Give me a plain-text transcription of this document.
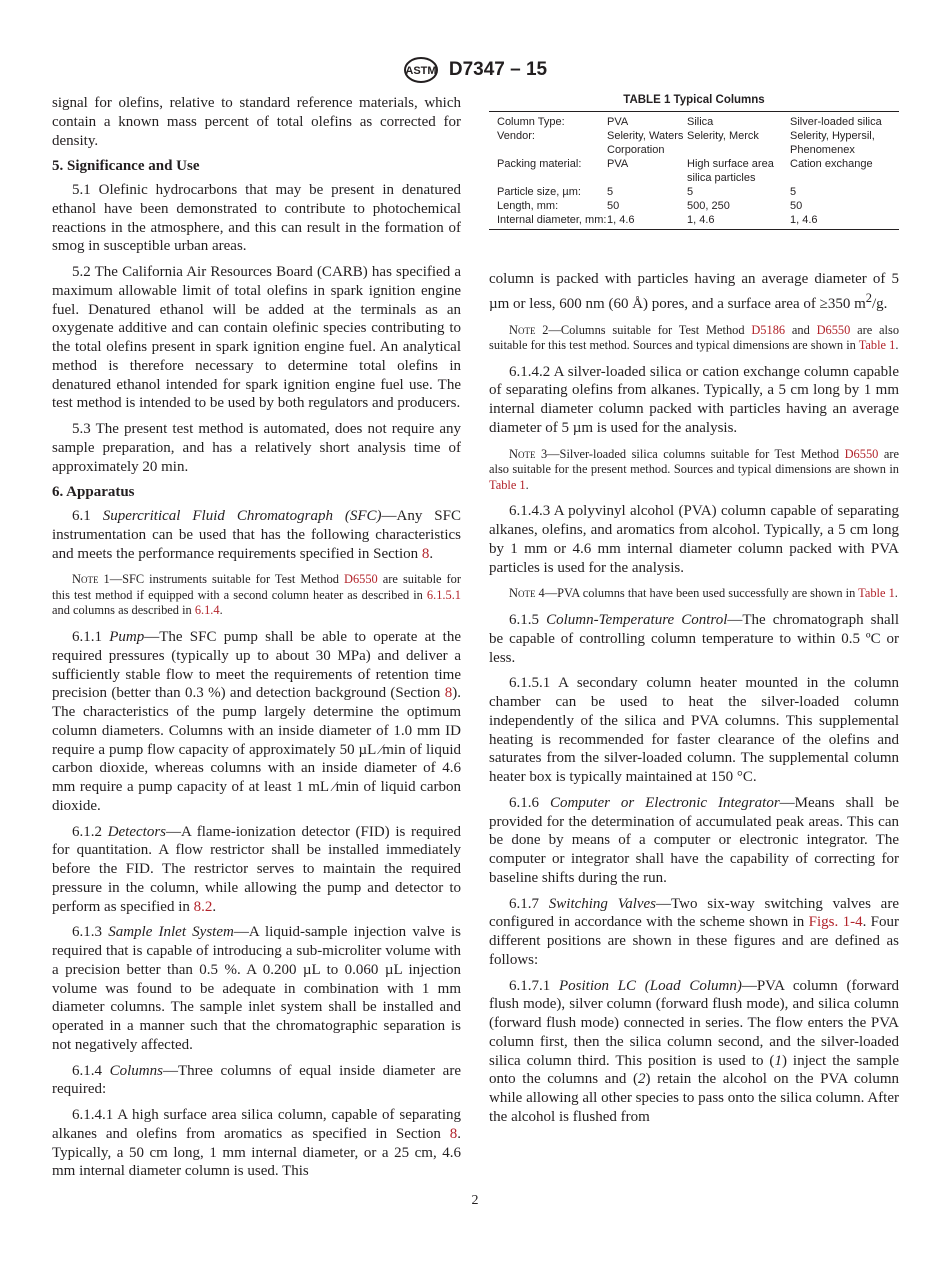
ASTM D7347 – 15

signal for olefins, relative to standard reference materials, which contain a known mass percent of total olefins as corrected for density.

5. Significance and Use

5.1 Olefinic hydrocarbons that may be present in denatured ethanol have been demonstrated to contribute to photochemical reactions in the atmosphere, and this can result in the formation of smog in susceptible urban areas.

5.2 The California Air Resources Board (CARB) has specified a maximum allowable limit of total olefins in spark ignition engine fuel. Denatured ethanol will be added at the terminals as an oxygenate additive and can contain olefinic species contributing to the total olefins present in spark ignition engine fuel. An analytical method is therefore necessary to determine total olefins in denatured ethanol intended for spark ignition engine fuel use. The test method is intended to be used by both regulators and producers.

5.3 The present test method is automated, does not require any sample preparation, and has a relatively short analysis time of approximately 20 min.

6. Apparatus

6.1 Supercritical Fluid Chromatograph (SFC)—Any SFC instrumentation can be used that has the following characteristics and meets the performance requirements specified in Section 8.

Note 1—SFC instruments suitable for Test Method D6550 are suitable for this test method if equipped with a second column heater as described in 6.1.5.1 and columns as described in 6.1.4.

6.1.1 Pump—The SFC pump shall be able to operate at the required pressures (typically up to about 30 MPa) and deliver a sufficiently stable flow to meet the requirements of retention time precision (better than 0.3 %) and detection background (Section 8). The characteristics of the pump largely determine the optimum column diameters. Columns with an inside diameter of 1.0 mm ID require a pump flow capacity of approximately 50 µL ⁄min of liquid carbon dioxide, whereas columns with an inside diameter of 4.6 mm require a pump capacity of at least 1 mL ⁄min of liquid carbon dioxide.

6.1.2 Detectors—A flame-ionization detector (FID) is required for quantitation. A flow restrictor shall be installed immediately before the FID. The restrictor serves to maintain the required pressure in the column, while allowing the pump and detector to perform as specified in 8.2.

6.1.3 Sample Inlet System—A liquid-sample injection valve is required that is capable of introducing a sub-microliter volume with a precision better than 0.5 %. A 0.200 µL to 0.060 µL injection volume was found to be adequate in combination with 1 mm diameter columns. The sample inlet system shall be installed and operated in a manner such that the chromatographic separation is not negatively affected.

6.1.4 Columns—Three columns of equal inside diameter are required:

6.1.4.1 A high surface area silica column, capable of separating alkanes and olefins from aromatics as specified in Section 8. Typically, a 50 cm long, 1 mm internal diameter, or a 25 cm, 4.6 mm internal diameter column is used. This

TABLE 1 Typical Columns
Column Type:	PVA	Silica	Silver-loaded silica
Vendor:	Selerity, Waters Corporation	Selerity, Merck	Selerity, Hypersil, Phenomenex
Packing material:	PVA	High surface area silica particles	Cation exchange
Particle size, µm:	5	5	5
Length, mm:	50	500, 250	50
Internal diameter, mm:	1, 4.6	1, 4.6	1, 4.6

column is packed with particles having an average diameter of 5 µm or less, 600 nm (60 Å) pores, and a surface area of ≥350 $m^2/g$.

Note 2—Columns suitable for Test Method D5186 and D6550 are also suitable for this test method. Sources and typical dimensions are shown in Table 1.

6.1.4.2 A silver-loaded silica or cation exchange column capable of separating olefins from alkanes. Typically, a 5 cm long by 1 mm internal diameter column packed with particles having an average diameter of 5 µm is used for the analysis.

Note 3—Silver-loaded silica columns suitable for Test Method D6550 are also suitable for the present method. Sources and typical dimensions are shown in Table 1.

6.1.4.3 A polyvinyl alcohol (PVA) column capable of separating alkanes, olefins, and aromatics from alcohol. Typically, a 5 cm long by 1 mm or 4.6 mm internal diameter column packed with PVA particles is used for the analysis.

Note 4—PVA columns that have been used successfully are shown in Table 1.

6.1.5 Column-Temperature Control—The chromatograph shall be capable of controlling column temperature to within 0.5 ºC or less.

6.1.5.1 A secondary column heater mounted in the column chamber can be used to heat the silver-loaded column independently of the silica and PVA columns. This supplemental heating is recommended for faster clearance of the olefins and saturates from the silver-loaded column. The supplemental column heater box is typically maintained at 150 °C.

6.1.6 Computer or Electronic Integrator—Means shall be provided for the determination of accumulated peak areas. This can be done by means of a computer or electronic integrator. The computer or integrator shall have the capability of correcting for baseline shifts during the run.

6.1.7 Switching Valves—Two six-way switching valves are configured in accordance with the scheme shown in Figs. 1-4. Four different positions are shown in these figures and are defined as follows:

6.1.7.1 Position LC (Load Column)—PVA column (forward flush mode), silver column (forward flush mode), and silica column (forward flush mode) connected in series. The flow enters the PVA column first, then the silica column second, and the silver-loaded silica column third. This position is used to (1) inject the sample onto the columns and (2) retain the alcohol on the PVA column while allowing all other species to pass onto the silica column. After the alcohol is flushed from

2
